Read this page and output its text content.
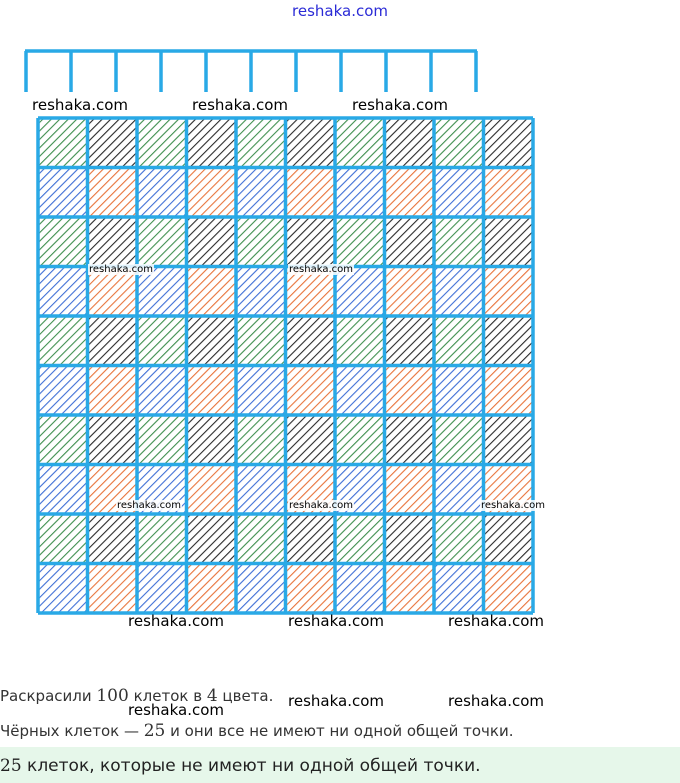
reshaka.com
reshaka.com	reshaka.com	reshaka.com
reshaka.com	reshaka.com
reshaka.com	reshaka.com	reshaka.com
reshaka.com	reshaka.com	reshaka.com
Раскрасили 100 клеток в 4 цвета. reshaka.com	reshaka.com
reshaka.com
Чёрных клеток — 25 и они все не имеют ни одной общей точки.
25 клеток, которые не имеют ни одной общей точки.
